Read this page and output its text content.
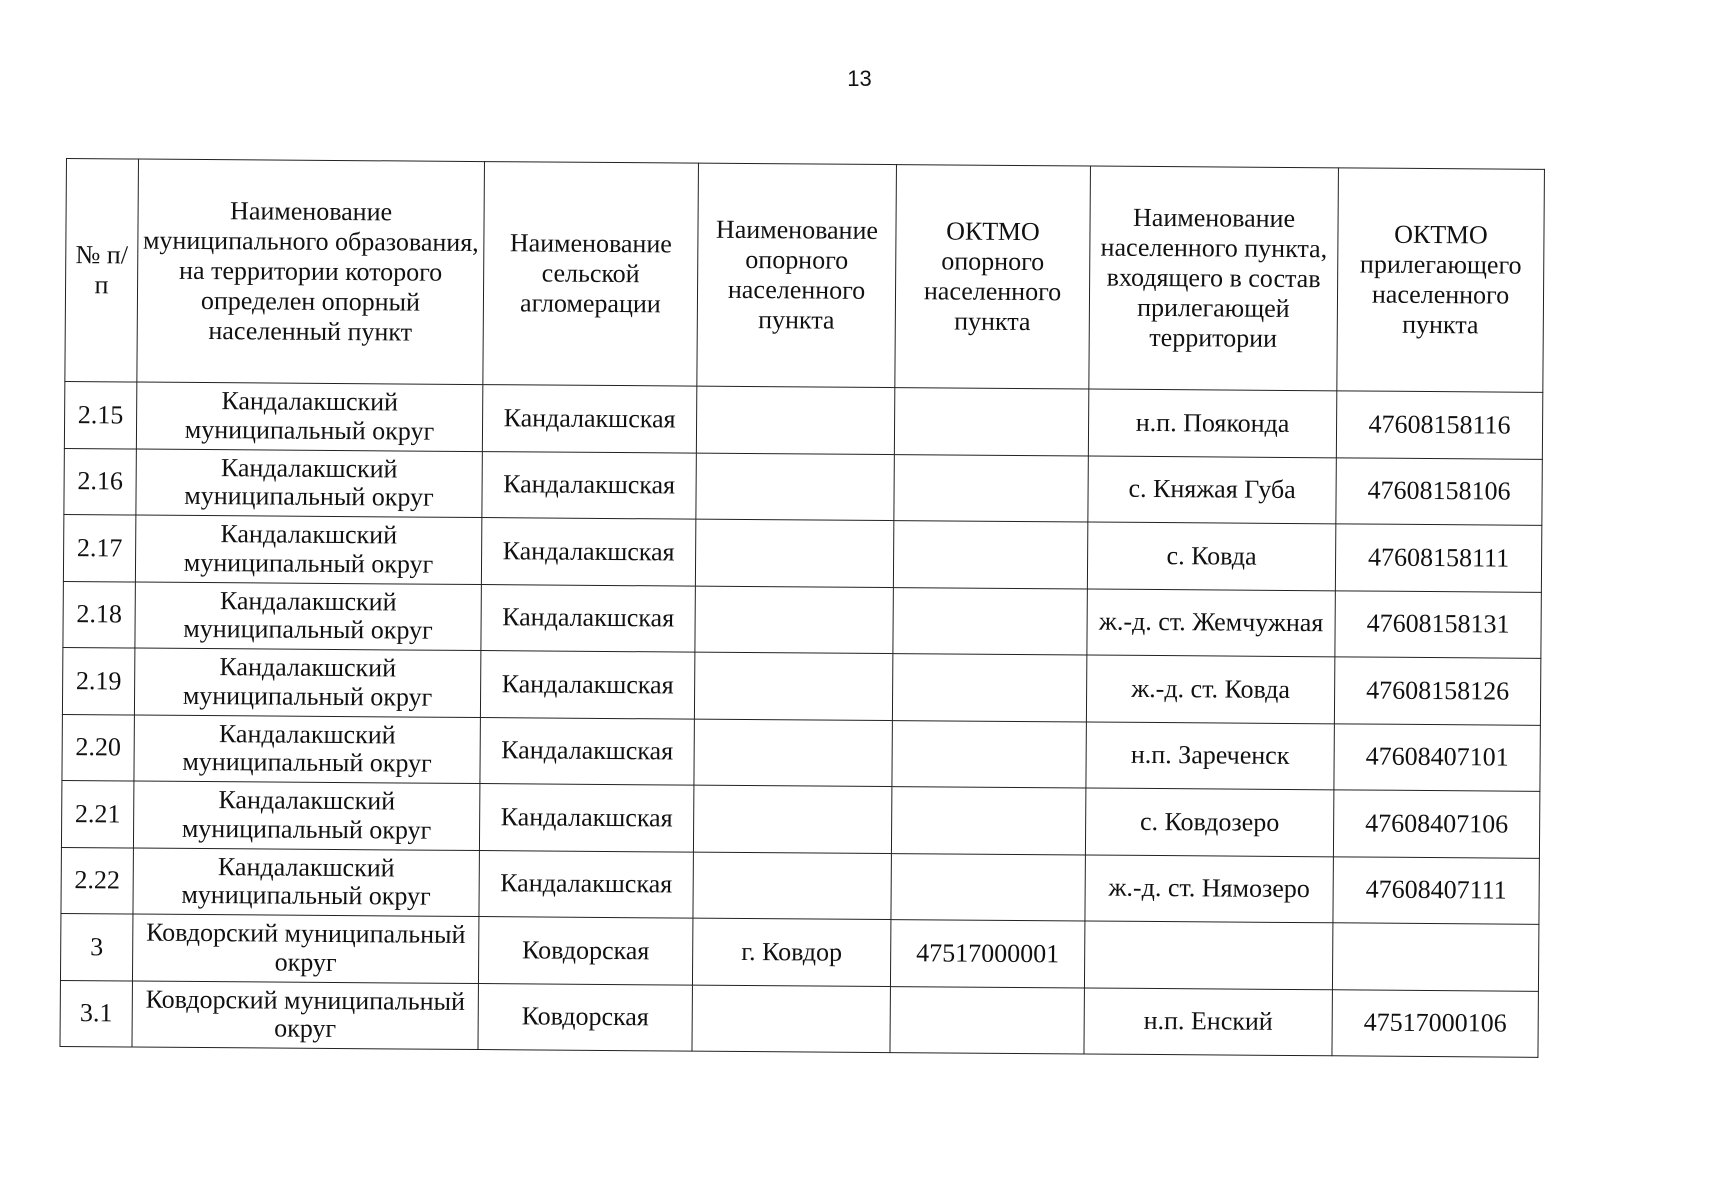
13
№ п/п	Наименование муниципального образования, на территории которого определен опорный населенный пункт	Наименование сельской агломерации	Наименование опорного населенного пункта	ОКТМО опорного населенного пункта	Наименование населенного пункта, входящего в состав прилегающей территории	ОКТМО прилегающего населенного пункта
2.15	Кандалакшский муниципальный округ	Кандалакшская			н.п. Пояконда	47608158116
2.16	Кандалакшский муниципальный округ	Кандалакшская			с. Княжая Губа	47608158106
2.17	Кандалакшский муниципальный округ	Кандалакшская			с. Ковда	47608158111
2.18	Кандалакшский муниципальный округ	Кандалакшская			ж.-д. ст. Жемчужная	47608158131
2.19	Кандалакшский муниципальный округ	Кандалакшская			ж.-д. ст. Ковда	47608158126
2.20	Кандалакшский муниципальный округ	Кандалакшская			н.п. Зареченск	47608407101
2.21	Кандалакшский муниципальный округ	Кандалакшская			с. Ковдозеро	47608407106
2.22	Кандалакшский муниципальный округ	Кандалакшская			ж.-д. ст. Нямозеро	47608407111
3	Ковдорский муниципальный округ	Ковдорская	г. Ковдор	47517000001		
3.1	Ковдорский муниципальный округ	Ковдорская			н.п. Енский	47517000106
